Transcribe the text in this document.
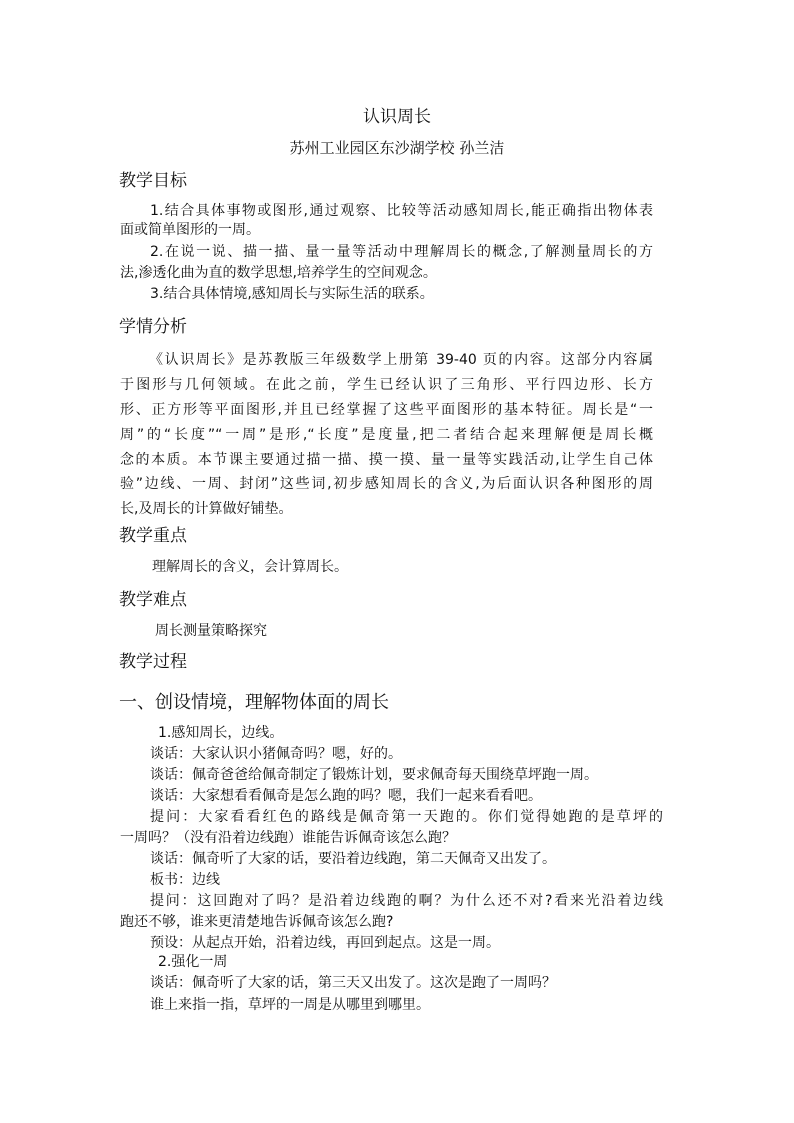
认识周长
苏州工业园区东沙湖学校 孙兰洁
教学目标
1.结合具体事物或图形,通过观察、比较等活动感知周长,能正确指出物体表
面或简单图形的一周。
2.在说一说、描一描、量一量等活动中理解周长的概念,了解测量周长的方
法,渗透化曲为直的数学思想,培养学生的空间观念。
3.结合具体情境,感知周长与实际生活的联系。
学情分析
《认识周长》是苏教版三年级数学上册第 39-40 页的内容。这部分内容属
于图形与几何领域。在此之前，学生已经认识了三角形、平行四边形、长方
形、正方形等平面图形,并且已经掌握了这些平面图形的基本特征。周长是“一
周”的“长度”“一周”是形,“长度”是度量,把二者结合起来理解便是周长概
念的本质。本节课主要通过描一描、摸一摸、量一量等实践活动,让学生自己体
验”边线、一周、封闭”这些词,初步感知周长的含义,为后面认识各种图形的周
长,及周长的计算做好铺垫。
教学重点
理解周长的含义，会计算周长。
教学难点
周长测量策略探究
教学过程
一、创设情境，理解物体面的周长
1.感知周长，边线。
谈话：大家认识小猪佩奇吗？嗯，好的。
谈话：佩奇爸爸给佩奇制定了锻炼计划，要求佩奇每天围绕草坪跑一周。
谈话：大家想看看佩奇是怎么跑的吗？嗯，我们一起来看看吧。
提问：大家看看红色的路线是佩奇第一天跑的。你们觉得她跑的是草坪的
一周吗？（没有沿着边线跑）谁能告诉佩奇该怎么跑？
谈话：佩奇听了大家的话，要沿着边线跑，第二天佩奇又出发了。
板书：边线
提问：这回跑对了吗？是沿着边线跑的啊？为什么还不对?看来光沿着边线
跑还不够，谁来更清楚地告诉佩奇该怎么跑?
预设：从起点开始，沿着边线，再回到起点。这是一周。
2.强化一周
谈话：佩奇听了大家的话，第三天又出发了。这次是跑了一周吗？
谁上来指一指，草坪的一周是从哪里到哪里。
